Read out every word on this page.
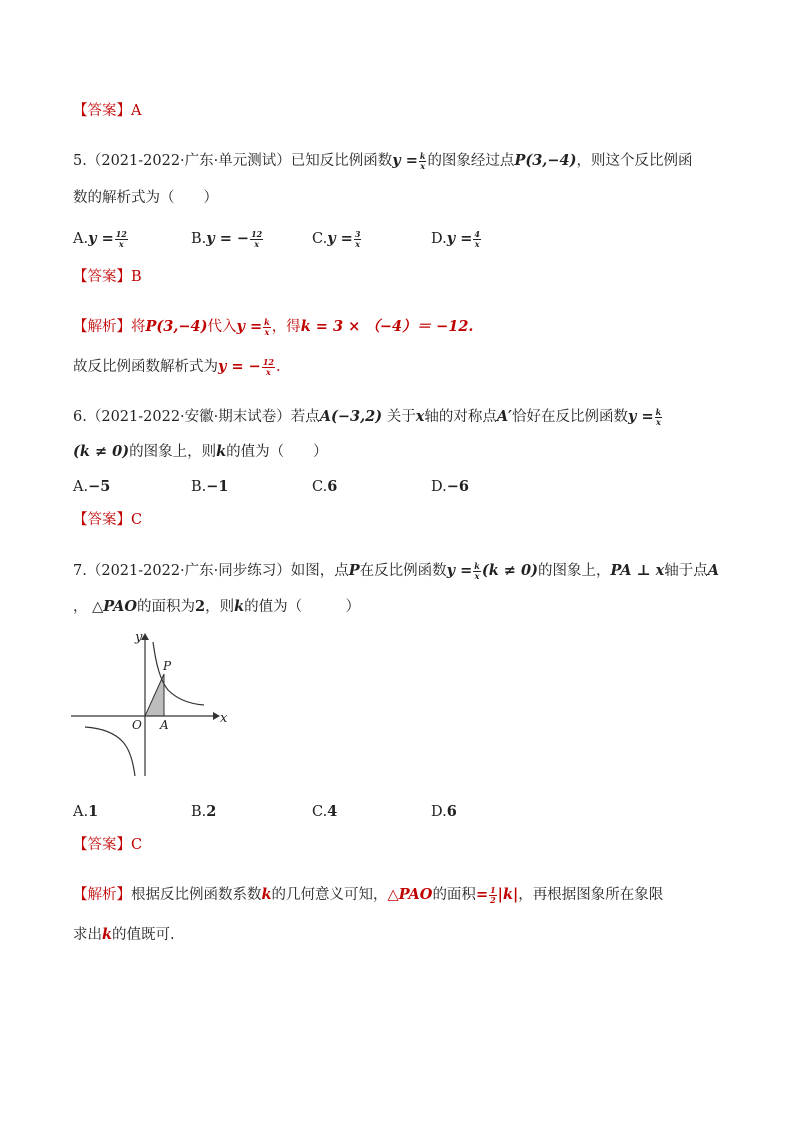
【答案】A
5.（2021-2022·广东·单元测试）已知反比例函数$y = \frac{k}{x}$ 的图象经过点P(3,−4)，则这个反比例函
数的解析式为（　　）
$A.y = \frac{12}{x}$	B.y = − $\frac{12}{x}$	$C.y = \frac{3}{x}$	$D.y = \frac{4}{x}$
【答案】B
【解析】将P(3,−4)代入$y = \frac{k}{x}$ ，得k = 3 × （−4）＝ −12.
故反比例函数解析式为y = − $\frac{12}{x}$ .
6.（2021-2022·安徽·期末试卷）若点A(−3,2) 关于x轴的对称点A′恰好在反比例函数$y = \frac{k}{x}$
(k ≠ 0)的图象上，则k的值为（　　）
A.−5	B.−1	C.6	D.−6
【答案】C
7.（2021-2022·广东·同步练习）如图，点P在反比例函数$y = \frac{k}{x} (k \ne 0)$的图象上，PA ⊥ x轴于点A
， △PAO的面积为2，则k的值为（　　　）
y
x
P
O A
A.1	B.2	C.4	D.6
【答案】C
【解析】根据反比例函数系数k的几何意义可知，△PAO的面积= $\frac{1}{2} |k|$，再根据图象所在象限
求出k的值既可.
